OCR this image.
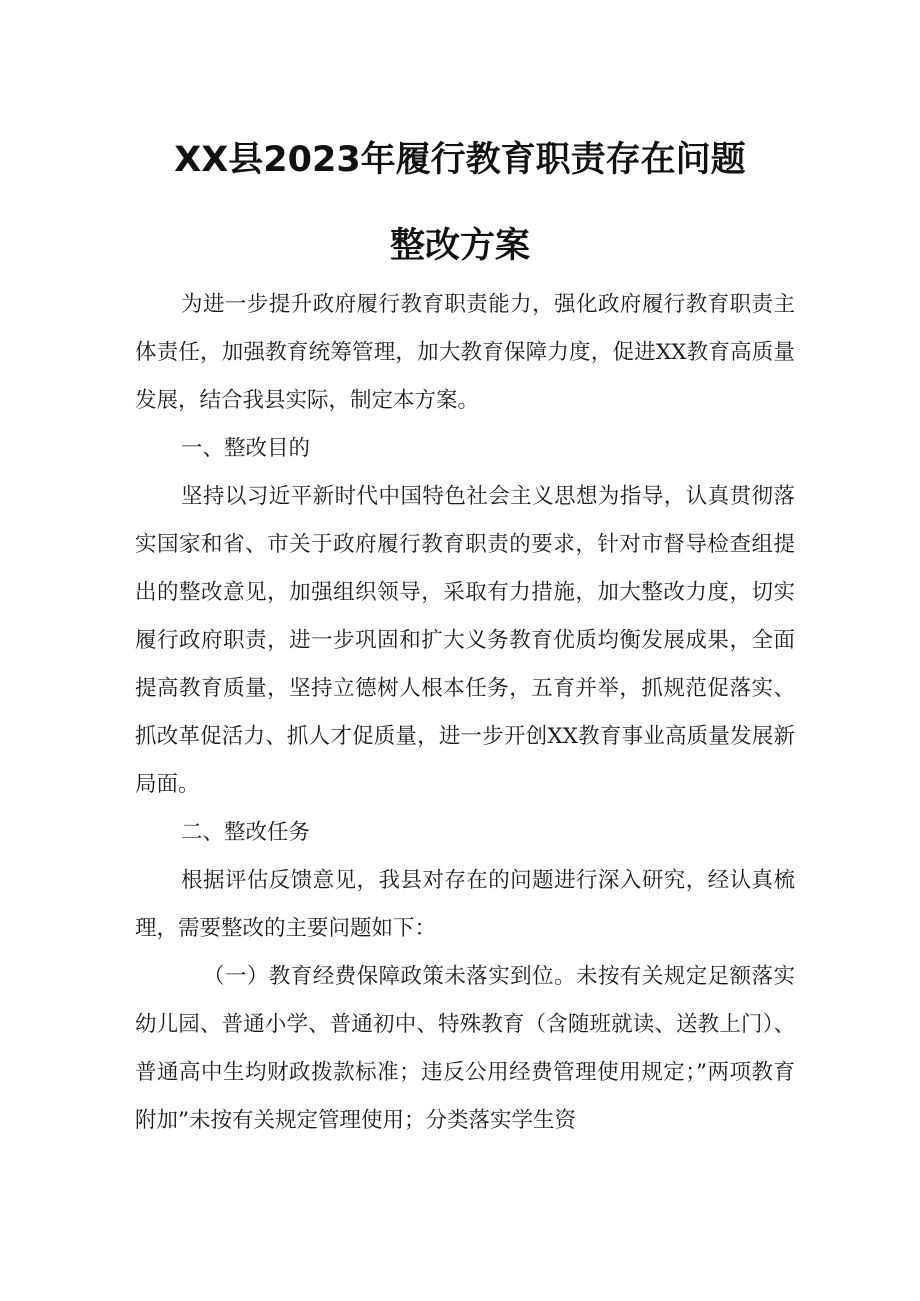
XX县2023年履行教育职责存在问题
整改方案

为进一步提升政府履行教育职责能力，强化政府履行教育职责主体责任，加强教育统筹管理，加大教育保障力度，促进XX教育高质量发展，结合我县实际，制定本方案。

一、整改目的

坚持以习近平新时代中国特色社会主义思想为指导，认真贯彻落实国家和省、市关于政府履行教育职责的要求，针对市督导检查组提出的整改意见，加强组织领导，采取有力措施，加大整改力度，切实履行政府职责，进一步巩固和扩大义务教育优质均衡发展成果，全面提高教育质量，坚持立德树人根本任务，五育并举，抓规范促落实、抓改革促活力、抓人才促质量，进一步开创XX教育事业高质量发展新局面。

二、整改任务

根据评估反馈意见，我县对存在的问题进行深入研究，经认真梳理，需要整改的主要问题如下：

（一）教育经费保障政策未落实到位。未按有关规定足额落实幼儿园、普通小学、普通初中、特殊教育（含随班就读、送教上门）、普通高中生均财政拨款标准；违反公用经费管理使用规定；”两项教育附加”未按有关规定管理使用；分类落实学生资
